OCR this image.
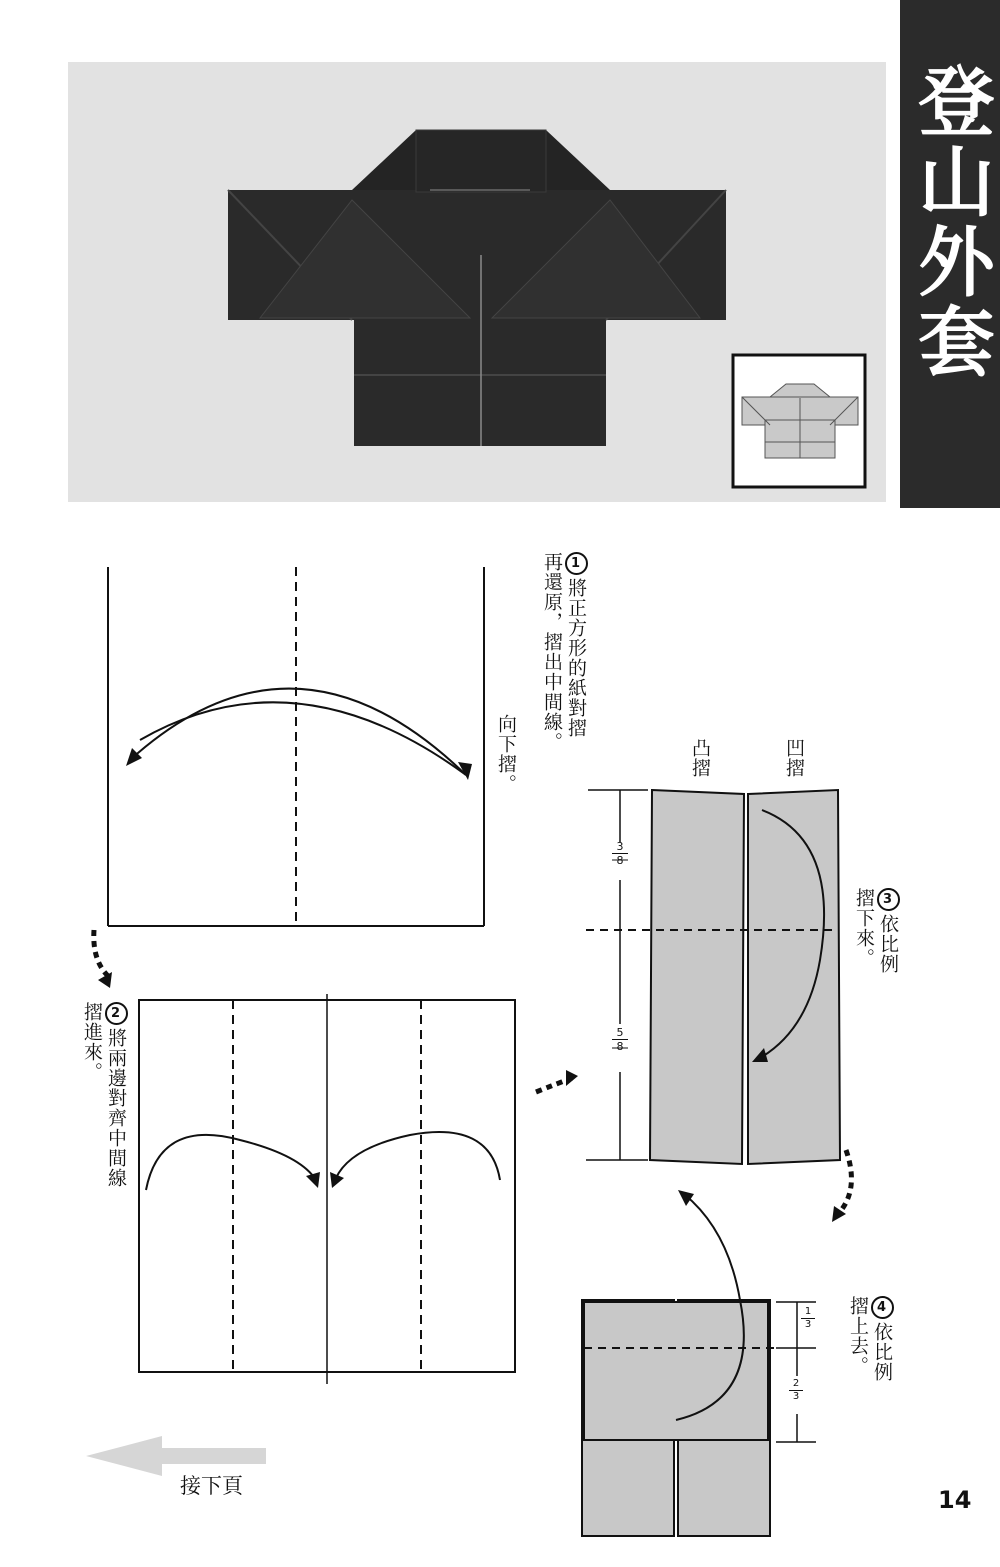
登山外套
1將正方形的紙對摺
再還原，摺出中間線。
向下摺。
2將兩邊對齊中間線
摺進來。
凸摺	凹摺
3依比例
摺下來。
4依比例
摺上去。
3
8
5
8
1
3
2
3
接下頁	14
